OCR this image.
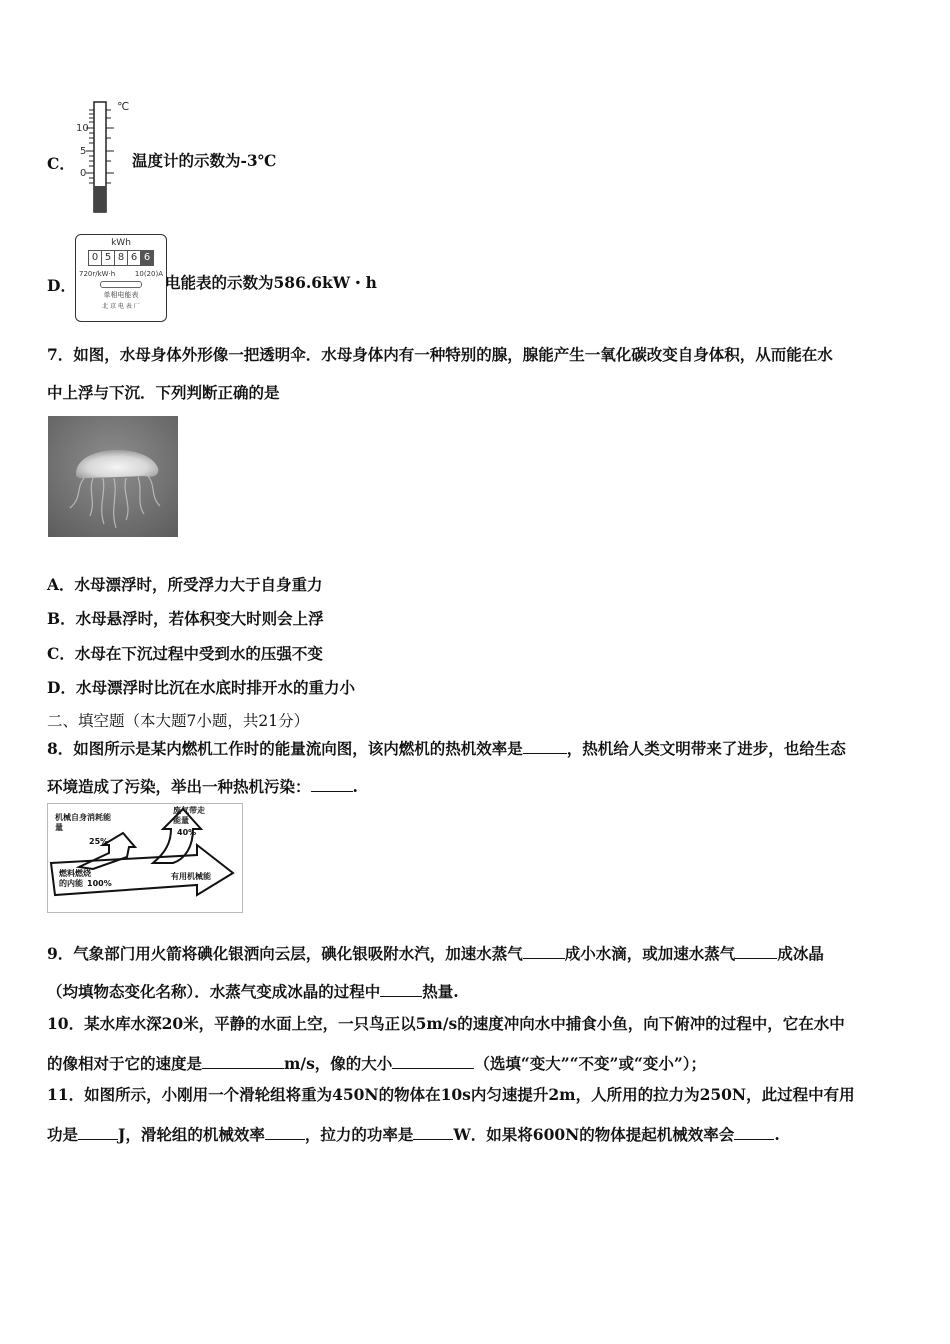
C．
℃
10
5
0
温度计的示数为-3℃
D．
kWh
0 5 8 6 6
720r/kW·h	10(20)A
单相电能表
北 京 电 表 厂
电能表的示数为586.6kW・h
7．如图，水母身体外形像一把透明伞．水母身体内有一种特别的腺，腺能产生一氧化碳改变自身体积，从而能在水
中上浮与下沉．下列判断正确的是
A．水母漂浮时，所受浮力大于自身重力
B．水母悬浮时，若体积变大时则会上浮
C．水母在下沉过程中受到水的压强不变
D．水母漂浮时比沉在水底时排开水的重力小
二、填空题（本大题7小题，共21分）
8．如图所示是某内燃机工作时的能量流向图，该内燃机的热机效率是	，热机给人类文明带来了进步，也给生态
环境造成了污染，举出一种热机污染：	.
机械自身消耗能量
25%
废气带走能量
40%
燃料燃烧的内能 100%
有用机械能
9．气象部门用火箭将碘化银洒向云层，碘化银吸附水汽，加速水蒸气	成小水滴，或加速水蒸气	成冰晶
（均填物态变化名称）．水蒸气变成冰晶的过程中	热量.
10．某水库水深20米，平静的水面上空，一只鸟正以5m/s的速度冲向水中捕食小鱼，向下俯冲的过程中，它在水中
的像相对于它的速度是	m/s，像的大小	（选填“变大”“不变”或“变小”）；
11．如图所示，小刚用一个滑轮组将重为450N的物体在10s内匀速提升2m，人所用的拉力为250N，此过程中有用
功是	J，滑轮组的机械效率	，拉力的功率是	W．如果将600N的物体提起机械效率会	.
